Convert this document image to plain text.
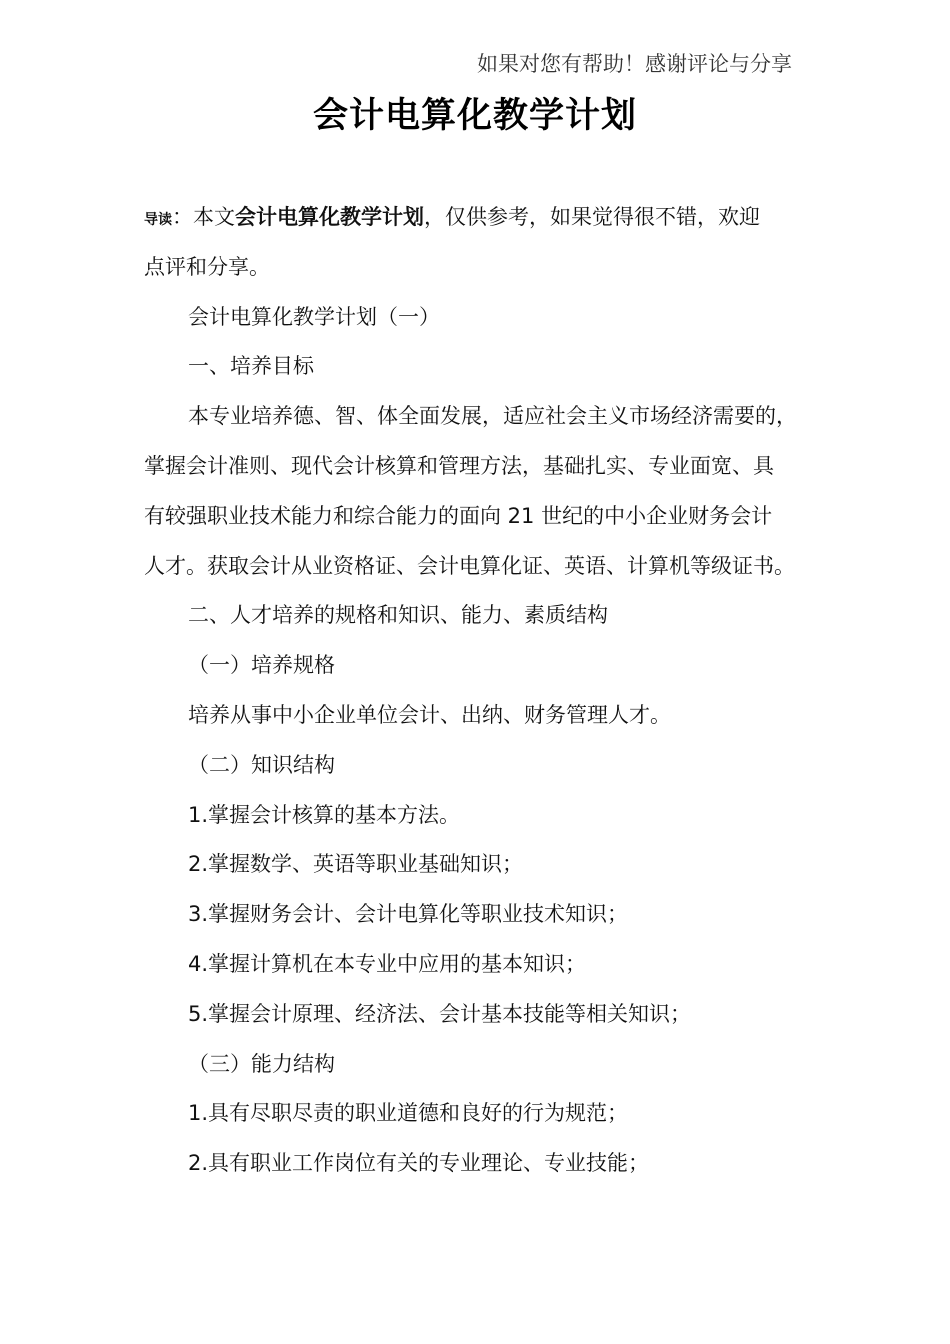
如果对您有帮助！感谢评论与分享
会计电算化教学计划
导读：本文会计电算化教学计划，仅供参考，如果觉得很不错，欢迎
点评和分享。
会计电算化教学计划（一）
一、培养目标
本专业培养德、智、体全面发展，适应社会主义市场经济需要的，
掌握会计准则、现代会计核算和管理方法，基础扎实、专业面宽、具
有较强职业技术能力和综合能力的面向 21 世纪的中小企业财务会计
人才。获取会计从业资格证、会计电算化证、英语、计算机等级证书。
二、人才培养的规格和知识、能力、素质结构
（一）培养规格
培养从事中小企业单位会计、出纳、财务管理人才。
（二）知识结构
1.掌握会计核算的基本方法。
2.掌握数学、英语等职业基础知识；
3.掌握财务会计、会计电算化等职业技术知识；
4.掌握计算机在本专业中应用的基本知识；
5.掌握会计原理、经济法、会计基本技能等相关知识；
（三）能力结构
1.具有尽职尽责的职业道德和良好的行为规范；
2.具有职业工作岗位有关的专业理论、专业技能；
